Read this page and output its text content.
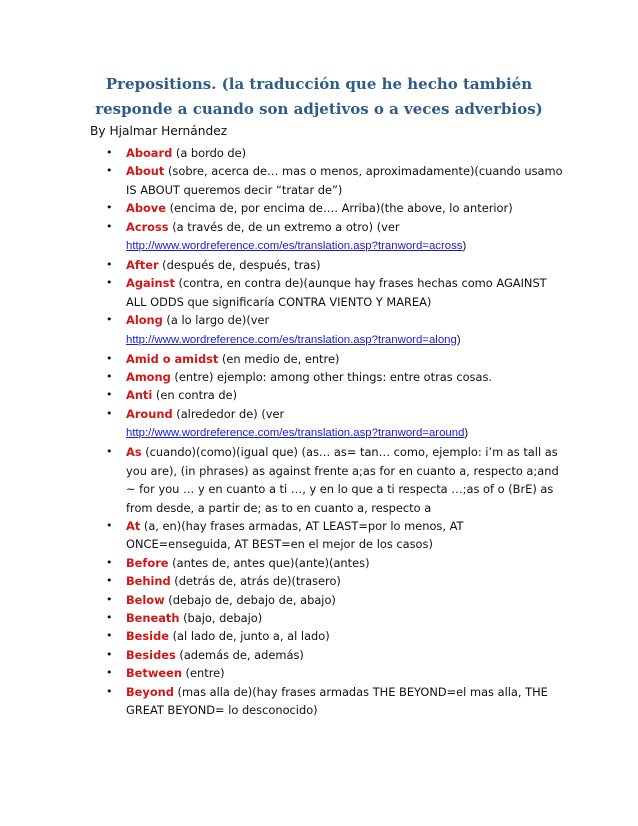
Prepositions. (la traducción que he hecho también responde a cuando son adjetivos o a veces adverbios)
By Hjalmar Hernández
• Aboard (a bordo de)
• About (sobre, acerca de… mas o menos, aproximadamente)(cuando usamo IS ABOUT queremos decir “tratar de”)
• Above (encima de, por encima de…. Arriba)(the above, lo anterior)
• Across (a través de, de un extremo a otro) (ver
http://www.wordreference.com/es/translation.asp?tranword=across)
• After (después de, después, tras)
• Against (contra, en contra de)(aunque hay frases hechas como AGAINST ALL ODDS que significaría CONTRA VIENTO Y MAREA)
• Along (a lo largo de)(ver
http://www.wordreference.com/es/translation.asp?tranword=along)
• Amid o amidst (en medio de, entre)
• Among (entre) ejemplo: among other things: entre otras cosas.
• Anti (en contra de)
• Around (alrededor de) (ver
http://www.wordreference.com/es/translation.asp?tranword=around)
• As (cuando)(como)(igual que) (as… as= tan… como, ejemplo: i’m as tall as you are), (in phrases) as against frente a;as for en cuanto a, respecto a;and ~ for you … y en cuanto a ti …, y en lo que a ti respecta …;as of o (BrE) as from desde, a partir de; as to en cuanto a, respecto a
• At (a, en)(hay frases armadas, AT LEAST=por lo menos, AT ONCE=enseguida, AT BEST=en el mejor de los casos)
• Before (antes de, antes que)(ante)(antes)
• Behind (detrás de, atrás de)(trasero)
• Below (debajo de, debajo de, abajo)
• Beneath (bajo, debajo)
• Beside (al lado de, junto a, al lado)
• Besides (además de, además)
• Between (entre)
• Beyond (mas alla de)(hay frases armadas THE BEYOND=el mas alla, THE GREAT BEYOND= lo desconocido)
